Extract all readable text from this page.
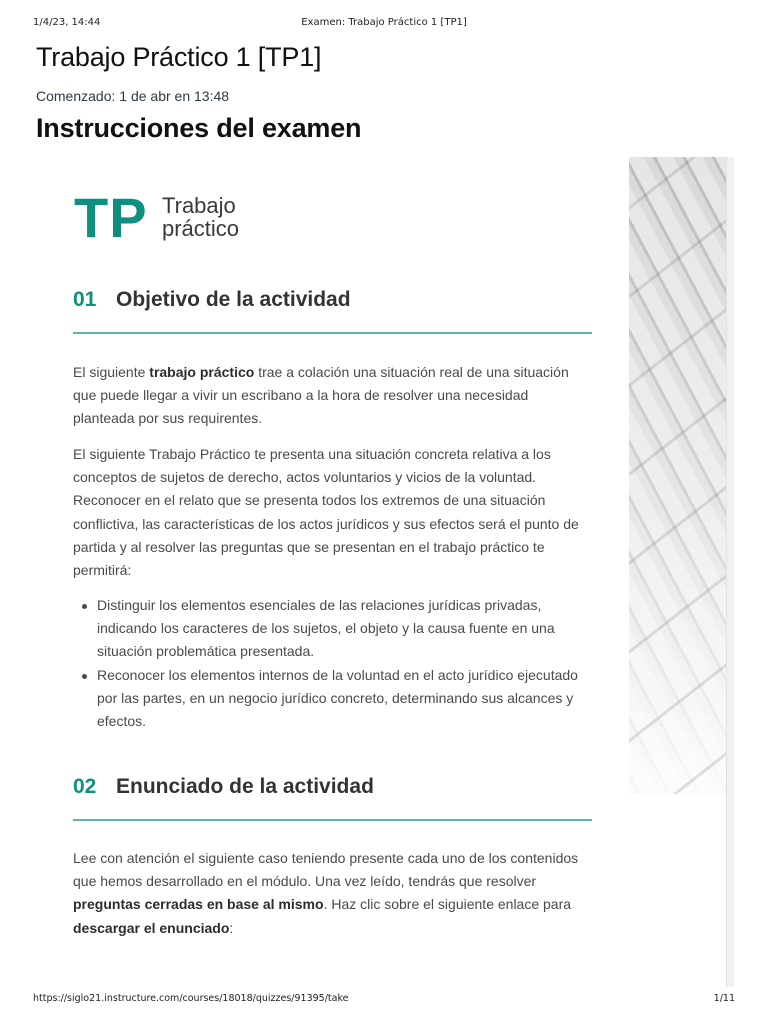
1/4/23, 14:44	Examen: Trabajo Práctico 1 [TP1]
Trabajo Práctico 1 [TP1]
Comenzado: 1 de abr en 13:48
Instrucciones del examen
TP Trabajo
práctico
01 Objetivo de la actividad

El siguiente trabajo práctico trae a colación una situación real de una situación que puede llegar a vivir un escribano a la hora de resolver una necesidad planteada por sus requirentes.

El siguiente Trabajo Práctico te presenta una situación concreta relativa a los conceptos de sujetos de derecho, actos voluntarios y vicios de la voluntad. Reconocer en el relato que se presenta todos los extremos de una situación conflictiva, las características de los actos jurídicos y sus efectos será el punto de partida y al resolver las preguntas que se presentan en el trabajo práctico te permitirá:

Distinguir los elementos esenciales de las relaciones jurídicas privadas, indicando los caracteres de los sujetos, el objeto y la causa fuente en una situación problemática presentada.
Reconocer los elementos internos de la voluntad en el acto jurídico ejecutado por las partes, en un negocio jurídico concreto, determinando sus alcances y efectos.
02 Enunciado de la actividad

Lee con atención el siguiente caso teniendo presente cada uno de los contenidos que hemos desarrollado en el módulo. Una vez leído, tendrás que resolver preguntas cerradas en base al mismo. Haz clic sobre el siguiente enlace para descargar el enunciado:

https://siglo21.instructure.com/courses/18018/quizzes/91395/take	1/11
